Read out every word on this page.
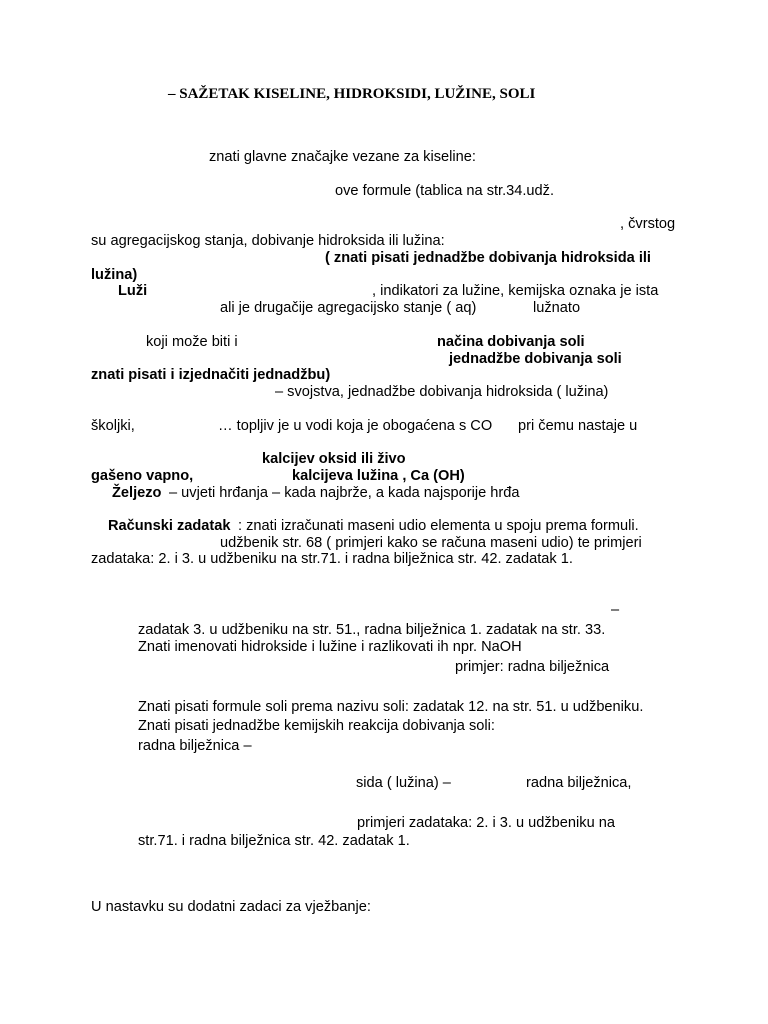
– SAŽETAK KISELINE, HIDROKSIDI, LUŽINE, SOLI
znati glavne značajke vezane za kiseline:
ove formule (tablica na str.34.udž.
, čvrstog
su agregacijskog stanja, dobivanje hidroksida ili lužina:
( znati pisati jednadžbe dobivanja hidroksida ili
lužina)
Luži	, indikatori za lužine, kemijska oznaka je ista
ali je drugačije agregacijsko stanje ( aq)	lužnato
koji može biti i	načina dobivanja soli
jednadžbe dobivanja soli
znati pisati i izjednačiti jednadžbu)
– svojstva, jednadžbe dobivanja hidroksida ( lužina)
školjki,	… topljiv je u vodi koja je obogaćena s CO pri čemu nastaje u
kalcijev oksid ili živo
gašeno vapno,	kalcijeva lužina , Ca (OH)
Željezo – uvjeti hrđanja – kada najbrže, a kada najsporije hrđa
Računski zadatak : znati izračunati maseni udio elementa u spoju prema formuli.
udžbenik str. 68 ( primjeri kako se računa maseni udio) te primjeri
zadataka: 2. i 3. u udžbeniku na str.71. i radna bilježnica str. 42. zadatak 1.
–
zadatak 3. u udžbeniku na str. 51., radna bilježnica 1. zadatak na str. 33.
Znati imenovati hidrokside i lužine i razlikovati ih npr. NaOH
primjer: radna bilježnica
Znati pisati formule soli prema nazivu soli: zadatak 12. na str. 51. u udžbeniku.
Znati pisati jednadžbe kemijskih reakcija dobivanja soli:
radna bilježnica –
sida ( lužina) –	radna bilježnica,
primjeri zadataka: 2. i 3. u udžbeniku na
str.71. i radna bilježnica str. 42. zadatak 1.
U nastavku su dodatni zadaci za vježbanje:
